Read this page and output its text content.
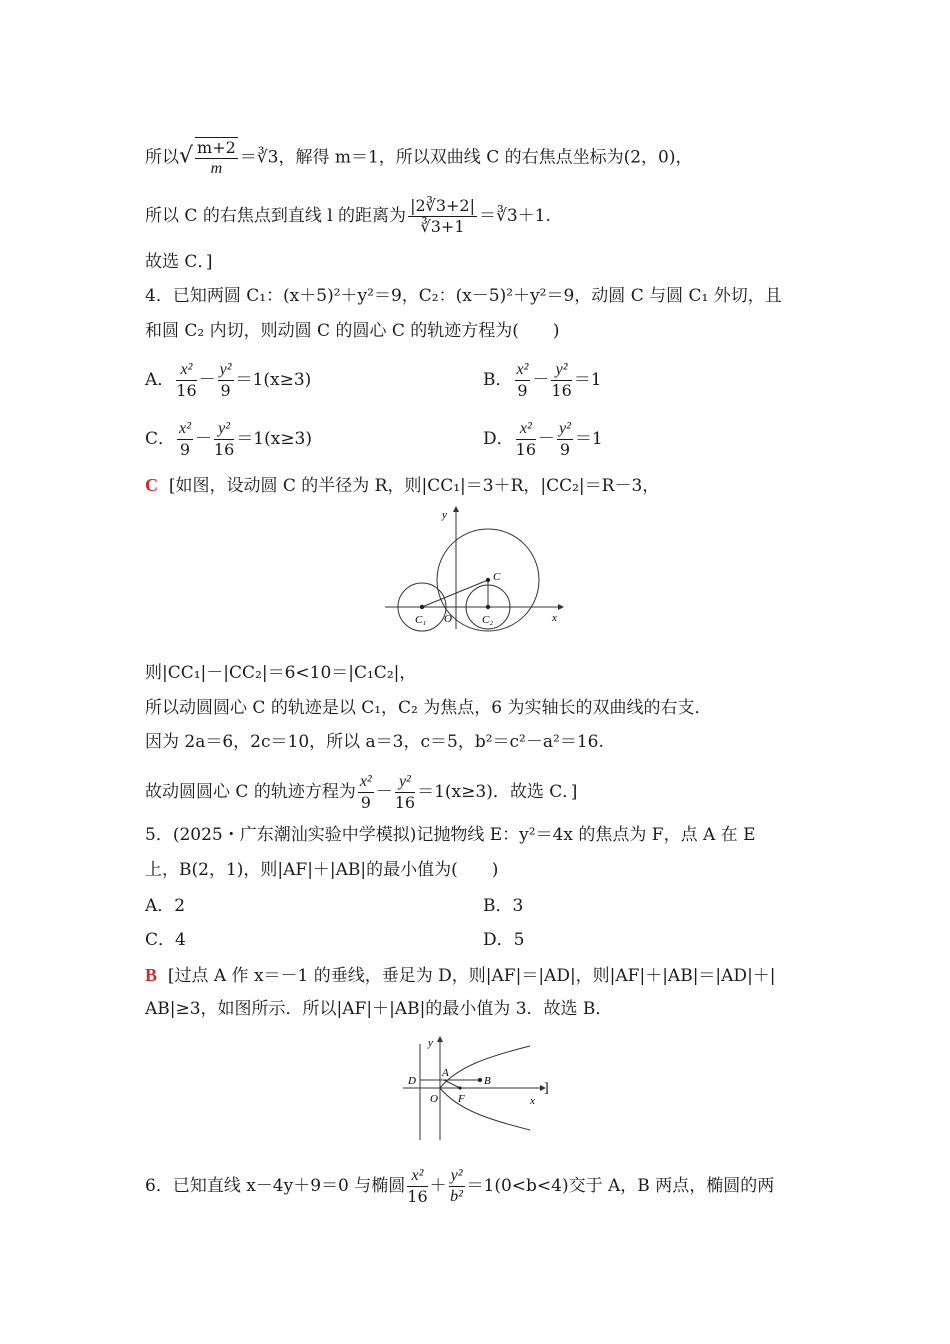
所以√ $\frac{m+2}{m}$ ＝∛3，解得 m＝1，所以双曲线 C 的右焦点坐标为(2，0)，
所以 C 的右焦点到直线 l 的距离为 $\frac{|2∛3+2|}{∛3+1}$ ＝∛3＋1.
故选 C．]
4．已知两圆 C₁：(x＋5)²＋y²＝9，C₂：(x－5)²＋y²＝9，动圆 C 与圆 C₁ 外切，且
和圆 C₂ 内切，则动圆 C 的圆心 C 的轨迹方程为(　　)
A． $\frac{\text{x²}}{16} - \frac{\text{y²}}{9} =1(x\ge 3)$	B． $\frac{\text{x²}}{9} - \frac{\text{y²}}{16} =1$
C． $\frac{\text{x²}}{9} - \frac{\text{y²}}{16} =1(x\ge 3)$	D． $\frac{\text{x²}}{16} - \frac{\text{y²}}{9} =1$
C [如图，设动圆 C 的半径为 R，则|CC₁|＝3＋R，|CC₂|＝R－3，
y
x
O
C
C₁	C₂
则|CC₁|－|CC₂|＝6<10＝|C₁C₂|，
所以动圆圆心 C 的轨迹是以 C₁，C₂ 为焦点，6 为实轴长的双曲线的右支．
因为 2a＝6，2c＝10，所以 a＝3，c＝5，b²＝c²－a²＝16.
故动圆圆心 C 的轨迹方程为 $\frac{\text{x²}}{9} - \frac{\text{y²}}{16} =1(x\ge 3)$．故选 C．]
5．(2025・广东潮汕实验中学模拟)记抛物线 E：y²＝4x 的焦点为 F，点 A 在 E
上，B(2，1)，则|AF|＋|AB|的最小值为(　　)
A．2	B．3
C．4	D．5
B [过点 A 作 x＝－1 的垂线，垂足为 D，则|AF|＝|AD|，则|AF|＋|AB|＝|AD|＋|
AB|≥3，如图所示．所以|AF|＋|AB|的最小值为 3．故选 B．
y
x
O
A
B
D
F
]
6．已知直线 x－4y＋9＝0 与椭圆 $\frac{\text{x²}}{16} + \frac{\text{y²}}{\text{b²}} =1(0<b<4)$交于 A，B 两点，椭圆的两
